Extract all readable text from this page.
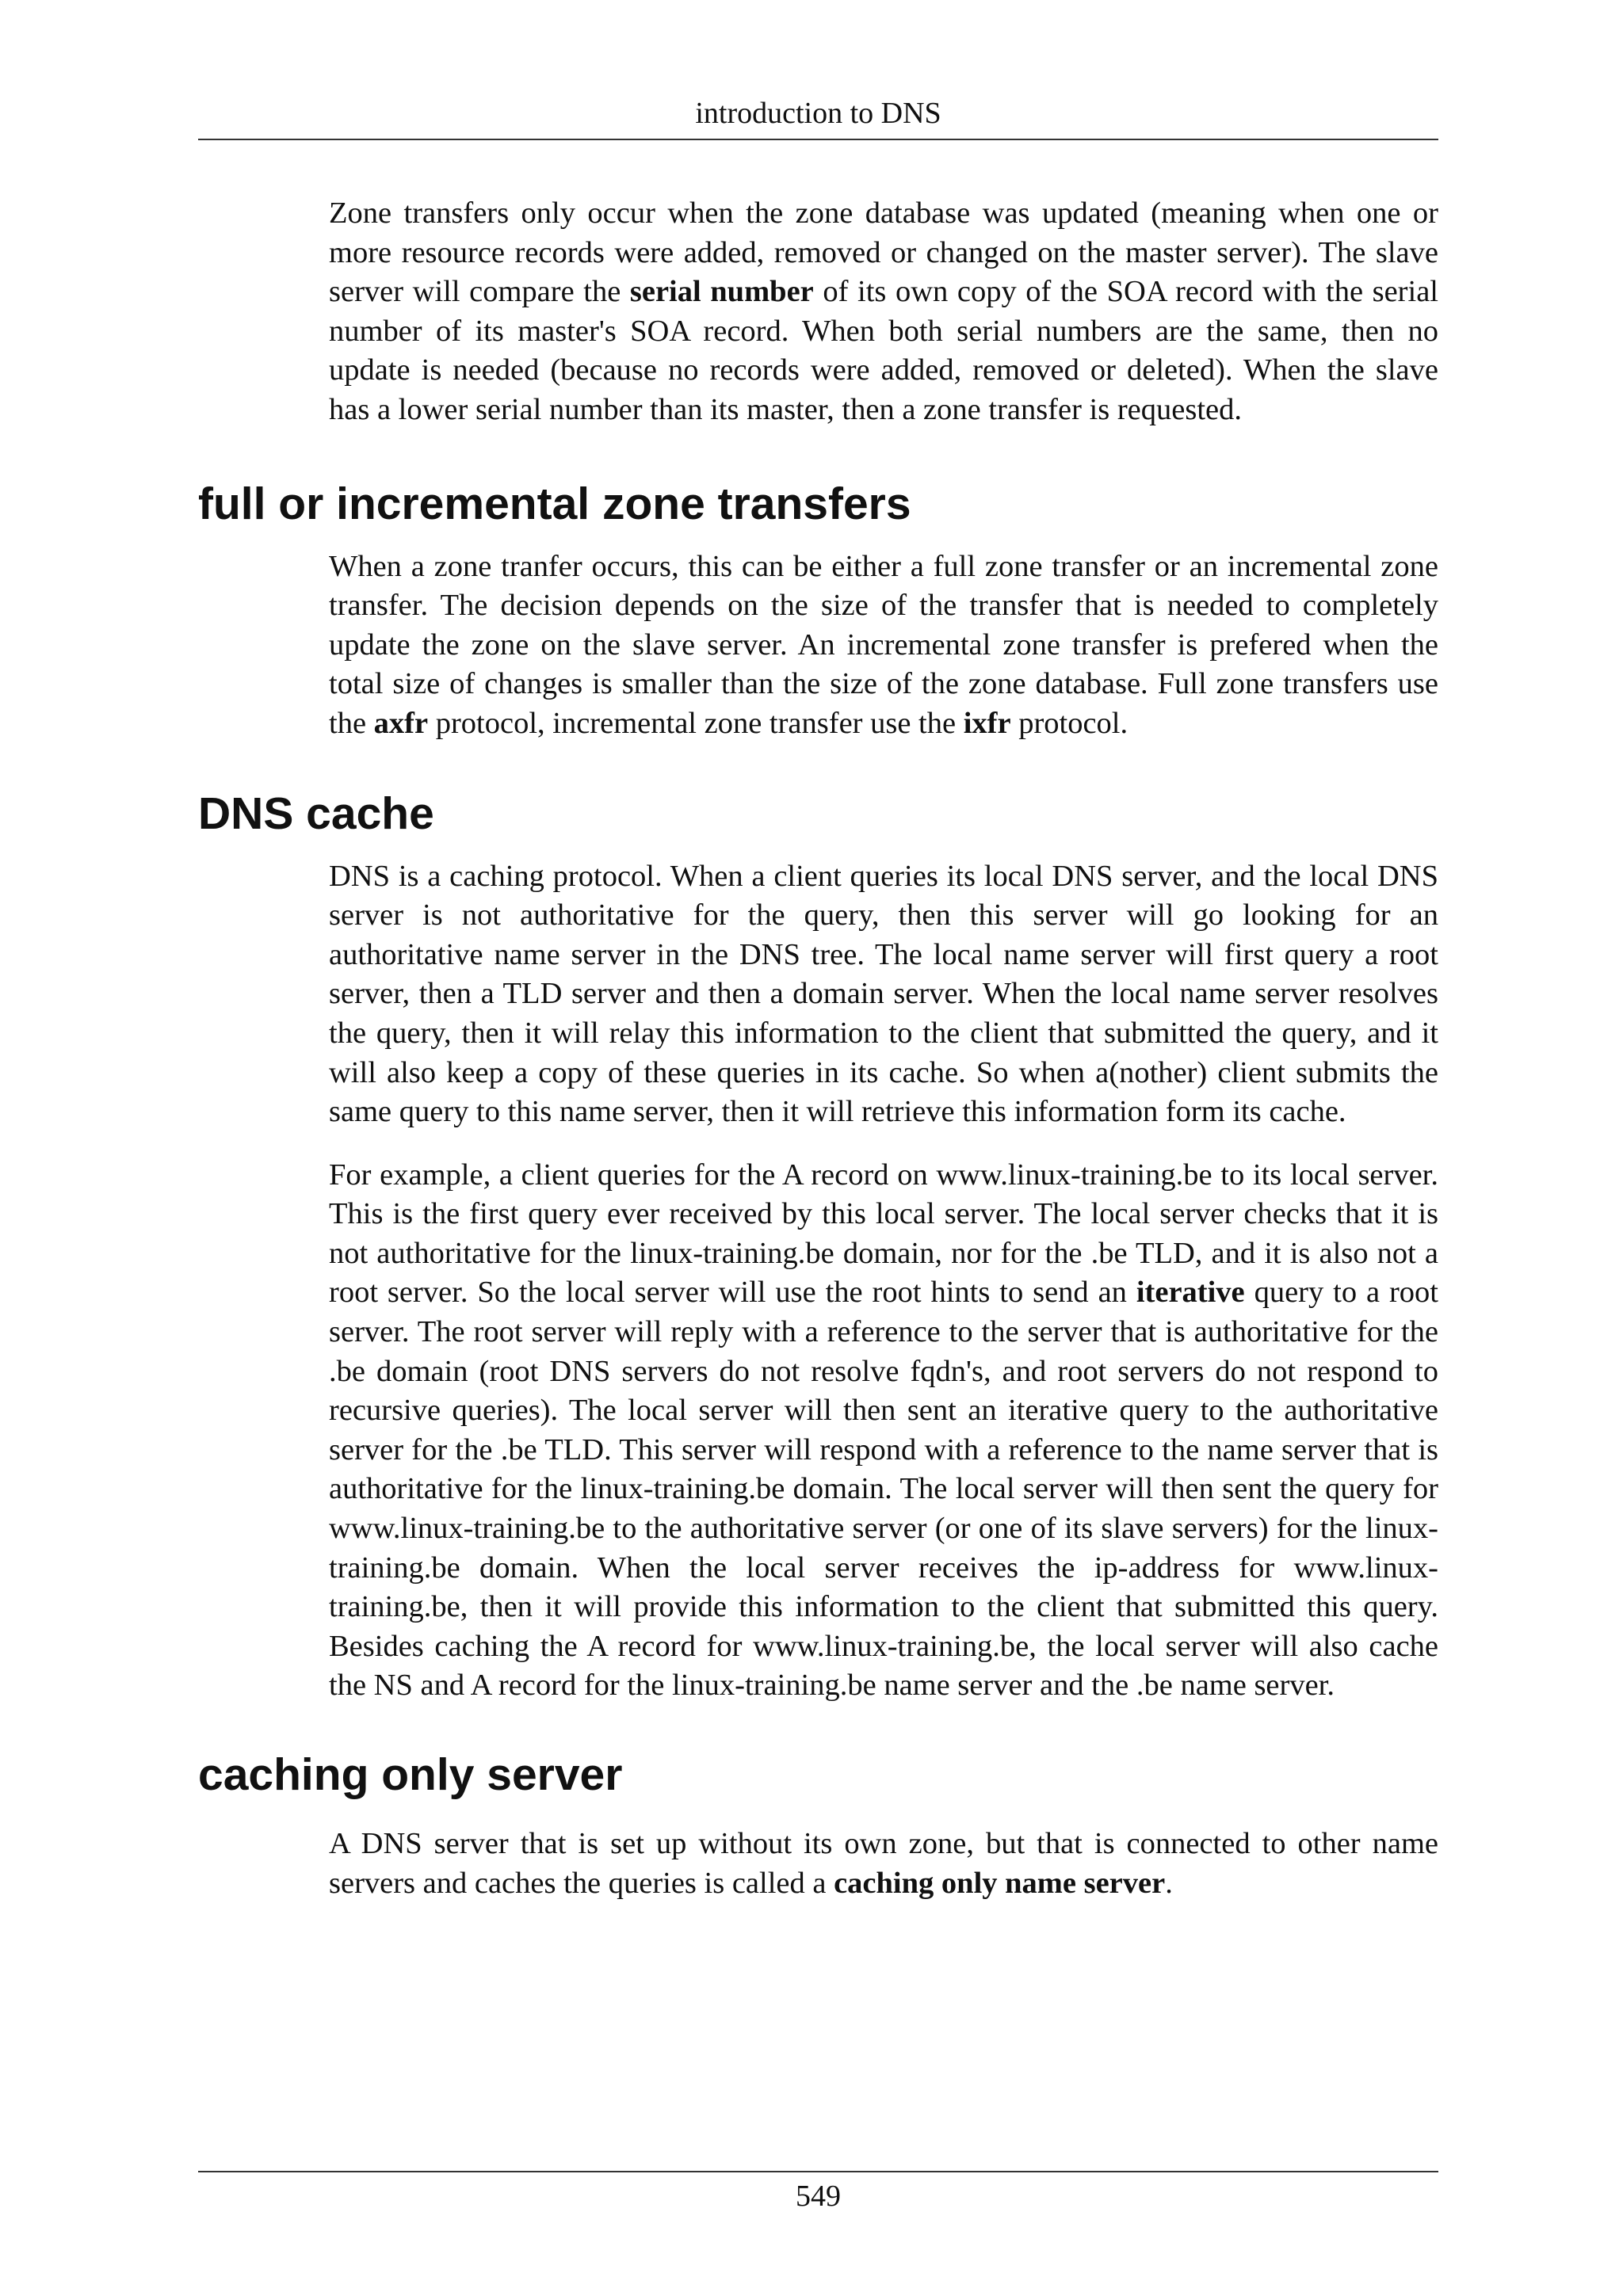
introduction to DNS

Zone transfers only occur when the zone database was updated (meaning when one or more resource records were added, removed or changed on the master server). The slave server will compare the serial number of its own copy of the SOA record with the serial number of its master's SOA record. When both serial numbers are the same, then no update is needed (because no records were added, removed or deleted). When the slave has a lower serial number than its master, then a zone transfer is requested.

full or incremental zone transfers

When a zone tranfer occurs, this can be either a full zone transfer or an incremental zone transfer. The decision depends on the size of the transfer that is needed to completely update the zone on the slave server. An incremental zone transfer is prefered when the total size of changes is smaller than the size of the zone database. Full zone transfers use the axfr protocol, incremental zone transfer use the ixfr protocol.

DNS cache

DNS is a caching protocol. When a client queries its local DNS server, and the local DNS server is not authoritative for the query, then this server will go looking for an authoritative name server in the DNS tree. The local name server will first query a root server, then a TLD server and then a domain server. When the local name server resolves the query, then it will relay this information to the client that submitted the query, and it will also keep a copy of these queries in its cache. So when a(nother) client submits the same query to this name server, then it will retrieve this information form its cache.

For example, a client queries for the A record on www.linux-training.be to its local server. This is the first query ever received by this local server. The local server checks that it is not authoritative for the linux-training.be domain, nor for the .be TLD, and it is also not a root server. So the local server will use the root hints to send an iterative query to a root server. The root server will reply with a reference to the server that is authoritative for the .be domain (root DNS servers do not resolve fqdn's, and root servers do not respond to recursive queries). The local server will then sent an iterative query to the authoritative server for the .be TLD. This server will respond with a reference to the name server that is authoritative for the linux-training.be domain. The local server will then sent the query for www.linux-training.be to the authoritative server (or one of its slave servers) for the linux-training.be domain. When the local server receives the ip-address for www.linux-training.be, then it will provide this information to the client that submitted this query. Besides caching the A record for www.linux-training.be, the local server will also cache the NS and A record for the linux-training.be name server and the .be name server.

caching only server

A DNS server that is set up without its own zone, but that is connected to other name servers and caches the queries is called a caching only name server.

549
